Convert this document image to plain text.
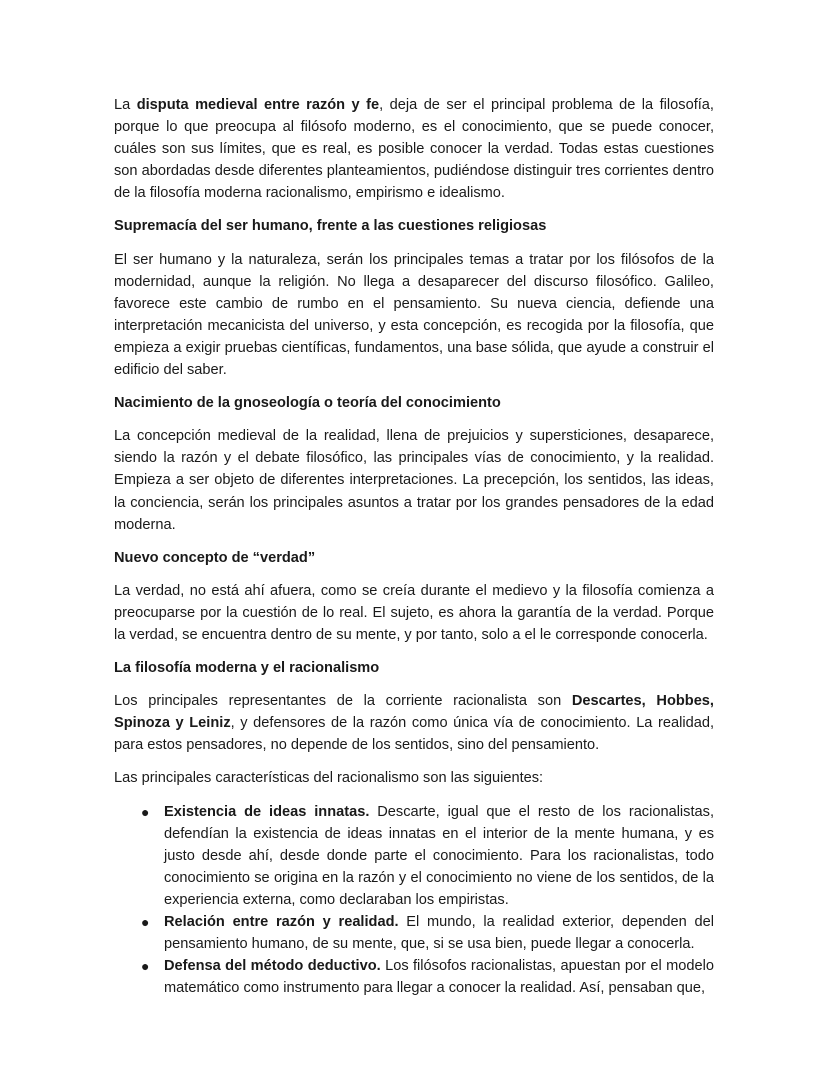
La disputa medieval entre razón y fe, deja de ser el principal problema de la filosofía, porque lo que preocupa al filósofo moderno, es el conocimiento, que se puede conocer, cuáles son sus límites, que es real, es posible conocer la verdad. Todas estas cuestiones son abordadas desde diferentes planteamientos, pudiéndose distinguir tres corrientes dentro de la filosofía moderna racionalismo, empirismo e idealismo.

Supremacía del ser humano, frente a las cuestiones religiosas

El ser humano y la naturaleza, serán los principales temas a tratar por los filósofos de la modernidad, aunque la religión. No llega a desaparecer del discurso filosófico. Galileo, favorece este cambio de rumbo en el pensamiento. Su nueva ciencia, defiende una interpretación mecanicista del universo, y esta concepción, es recogida por la filosofía, que empieza a exigir pruebas científicas, fundamentos, una base sólida, que ayude a construir el edificio del saber.

Nacimiento de la gnoseología o teoría del conocimiento

La concepción medieval de la realidad, llena de prejuicios y supersticiones, desaparece, siendo la razón y el debate filosófico, las principales vías de conocimiento, y la realidad. Empieza a ser objeto de diferentes interpretaciones. La precepción, los sentidos, las ideas, la conciencia, serán los principales asuntos a tratar por los grandes pensadores de la edad moderna.

Nuevo concepto de “verdad”

La verdad, no está ahí afuera, como se creía durante el medievo y la filosofía comienza a preocuparse por la cuestión de lo real. El sujeto, es ahora la garantía de la verdad. Porque la verdad, se encuentra dentro de su mente, y por tanto, solo a el le corresponde conocerla.

La filosofía moderna y el racionalismo

Los principales representantes de la corriente racionalista son Descartes, Hobbes, Spinoza y Leiniz, y defensores de la razón como única vía de conocimiento. La realidad, para estos pensadores, no depende de los sentidos, sino del pensamiento.

Las principales características del racionalismo son las siguientes:

● Existencia de ideas innatas. Descarte, igual que el resto de los racionalistas, defendían la existencia de ideas innatas en el interior de la mente humana, y es justo desde ahí, desde donde parte el conocimiento. Para los racionalistas, todo conocimiento se origina en la razón y el conocimiento no viene de los sentidos, de la experiencia externa, como declaraban los empiristas.
● Relación entre razón y realidad. El mundo, la realidad exterior, dependen del pensamiento humano, de su mente, que, si se usa bien, puede llegar a conocerla.
● Defensa del método deductivo. Los filósofos racionalistas, apuestan por el modelo matemático como instrumento para llegar a conocer la realidad. Así, pensaban que,
